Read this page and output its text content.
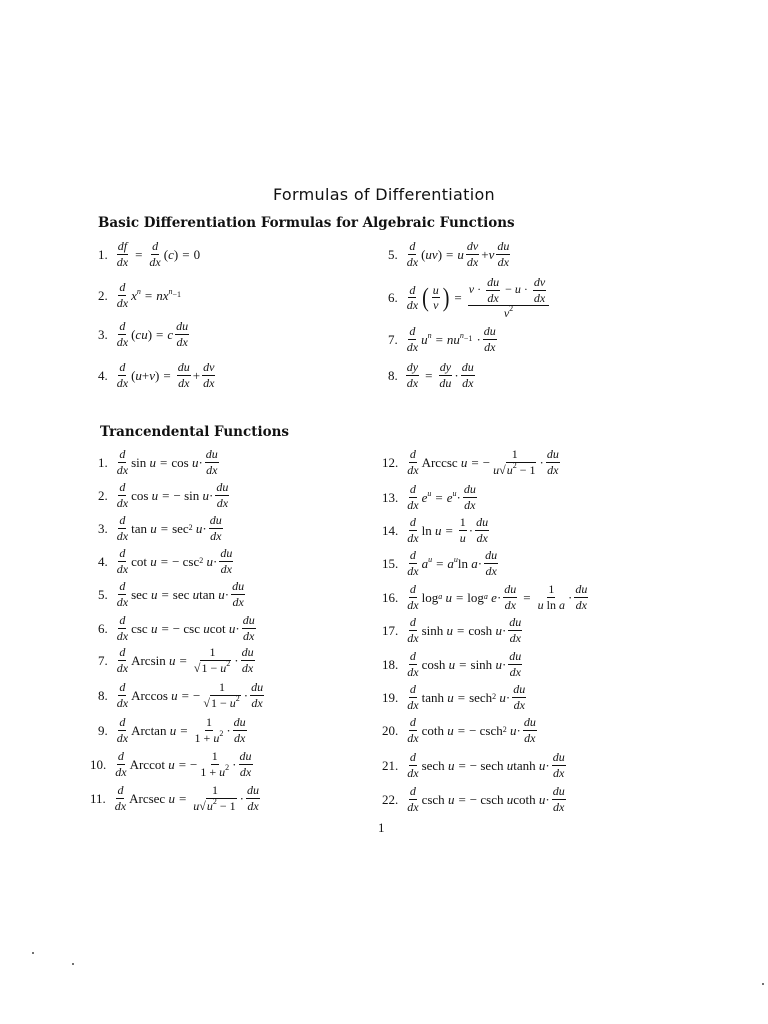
Formulas of Differentiation
Basic Differentiation Formulas for Algebraic Functions
Trancendental Functions
1. $\frac{df}{dx} = \frac{d}{dx}$ ( c ) = 0
2. $\frac{d}{dx} x^n = nx^n -1$
3. $\frac{d}{dx}$ ( cu ) = c $\frac{du}{dx}$
4. $\frac{d}{dx}$ ( u + v ) = $\frac{du}{dx} + \frac{dv}{dx}$
5. $\frac{d}{dx}$ ( uv ) = u $\frac{dv}{dx} + v \frac{du}{dx}$
6. $\frac{d}{dx}$ ( $\frac{u}{v}$ ) = $\frac{v \cdot \frac{du}{dx} - u \cdot \frac{dv}{dx}}{v^2}$
7. $\frac{d}{dx} u^n = nu^n -1 \cdot \frac{du}{dx}$
8. $\frac{dy}{dx} = \frac{dy}{du} \cdot \frac{du}{dx}$
1. $\frac{d}{dx}$ $\sin u = \cos u \cdot \frac{du}{dx}$
2. $\frac{d}{dx}$ cos u = − $\sin u \cdot \frac{du}{dx}$
3. $\frac{d}{dx}$ tan u = sec 2 $u \cdot \frac{du}{dx}$
4. $\frac{d}{dx}$ cot u = − csc 2 $u \cdot \frac{du}{dx}$
5. $\frac{d}{dx}$ sec u = sec u $\tan u \cdot \frac{du}{dx}$
6. $\frac{d}{dx}$ csc u = − csc u $\cot u \cdot \frac{du}{dx}$
7. $\frac{d}{dx}$ Arcsin $u = \frac{1}{√1 - u^2} \cdot \frac{du}{dx}$
8. $\frac{d}{dx}$ Arccos u = − $\frac{1}{√1 - u^2} \cdot \frac{du}{dx}$
9. $\frac{d}{dx}$ Arctan $u = \frac{1}{1 + u^2} \cdot \frac{du}{dx}$
10. $\frac{d}{dx}$ Arccot u = − $\frac{1}{1 + u^2} \cdot \frac{du}{dx}$
11. $\frac{d}{dx}$ Arcsec $u = \frac{1}{u√u^2 - 1} \cdot \frac{du}{dx}$
12. $\frac{d}{dx}$ Arccsc u = − $\frac{1}{u√u^2 - 1} \cdot \frac{du}{dx}$
13. $\frac{d}{dx} e^u = e^u \cdot \frac{du}{dx}$
14. $\frac{d}{dx}$ $\ln u = \frac{1}{u} \cdot \frac{du}{dx}$
15. $\frac{d}{dx} a^u = a^u$ $\ln a \cdot \frac{du}{dx}$
16. $\frac{d}{dx}$ log a u = log a $e \cdot \frac{du}{dx} = \frac{1}{\text{u ln a}} \cdot \frac{du}{dx}$
17. $\frac{d}{dx}$ $\sinh u = \cosh u \cdot \frac{du}{dx}$
18. $\frac{d}{dx}$ $\cosh u = \sinh u \cdot \frac{du}{dx}$
19. $\frac{d}{dx}$ tanh u = sech 2 $u \cdot \frac{du}{dx}$
20. $\frac{d}{dx}$ coth u = − csch 2 $u \cdot \frac{du}{dx}$
21. $\frac{d}{dx}$ sech u = − sech u $\tanh u \cdot \frac{du}{dx}$
22. $\frac{d}{dx}$ csch u = − csch u coth $u \cdot \frac{du}{dx}$
1
